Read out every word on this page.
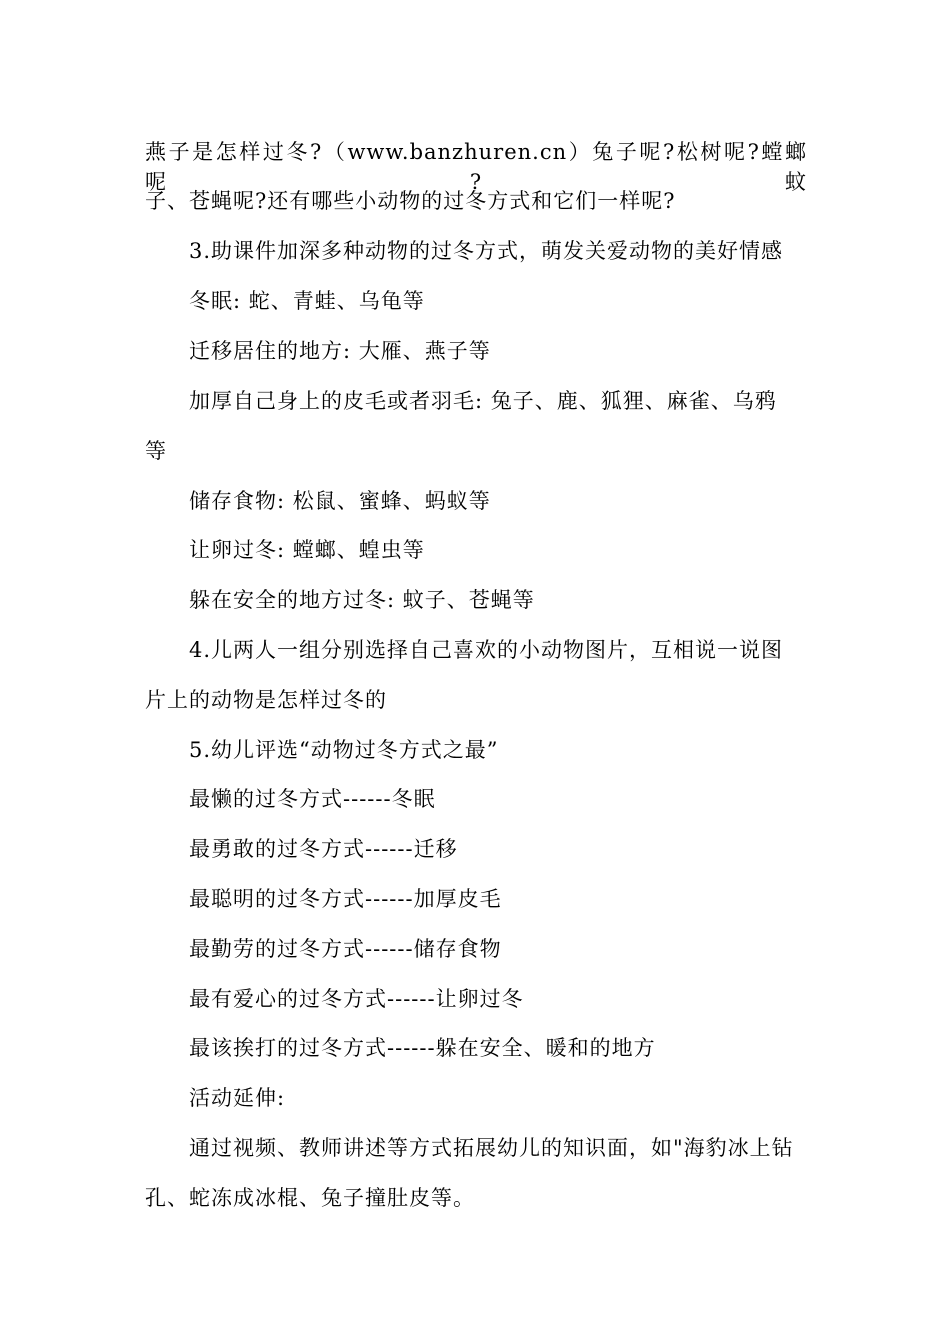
燕子是怎样过冬?（www.banzhuren.cn）兔子呢?松树呢?螳螂呢?蚊
子、苍蝇呢?还有哪些小动物的过冬方式和它们一样呢?
3.助课件加深多种动物的过冬方式，萌发关爱动物的美好情感
冬眠: 蛇、青蛙、乌龟等
迁移居住的地方: 大雁、燕子等
加厚自己身上的皮毛或者羽毛: 兔子、鹿、狐狸、麻雀、乌鸦
等
储存食物: 松鼠、蜜蜂、蚂蚁等
让卵过冬: 螳螂、蝗虫等
躲在安全的地方过冬: 蚊子、苍蝇等
4.儿两人一组分别选择自己喜欢的小动物图片，互相说一说图
片上的动物是怎样过冬的
5.幼儿评选“动物过冬方式之最”
最懒的过冬方式------冬眠
最勇敢的过冬方式------迁移
最聪明的过冬方式------加厚皮毛
最勤劳的过冬方式------储存食物
最有爱心的过冬方式------让卵过冬
最该挨打的过冬方式------躲在安全、暖和的地方
活动延伸:
通过视频、教师讲述等方式拓展幼儿的知识面，如"海豹冰上钻
孔、蛇冻成冰棍、兔子撞肚皮等。
